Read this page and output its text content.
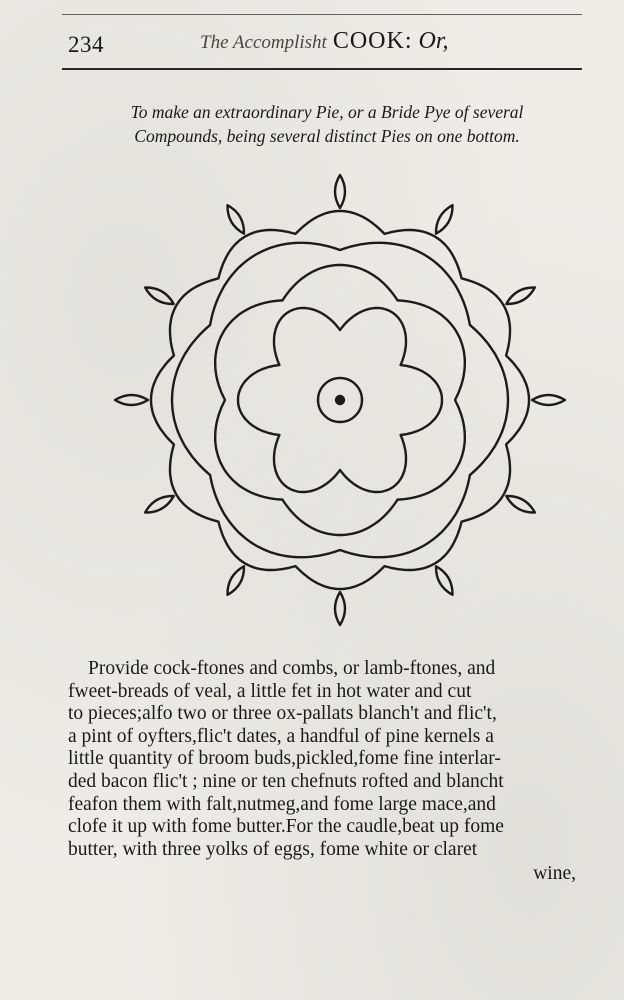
234	The Accomplisht COOK: Or,

To make an extraordinary Pie, or a Bride Pye of several
Compounds, being several distinct Pies on one bottom.

Provide cock-ftones and combs, or lamb-ftones, and
fweet-breads of veal, a little fet in hot water and cut
to pieces;alfo two or three ox-pallats blanch't and flic't,
a pint of oyfters,flic't dates, a handful of pine kernels a
little quantity of broom buds,pickled,fome fine interlar-
ded bacon flic't ; nine or ten chefnuts rofted and blancht
feafon them with falt,nutmeg,and fome large mace,and
clofe it up with fome butter.For the caudle,beat up fome
butter, with three yolks of eggs, fome white or claret
wine,
